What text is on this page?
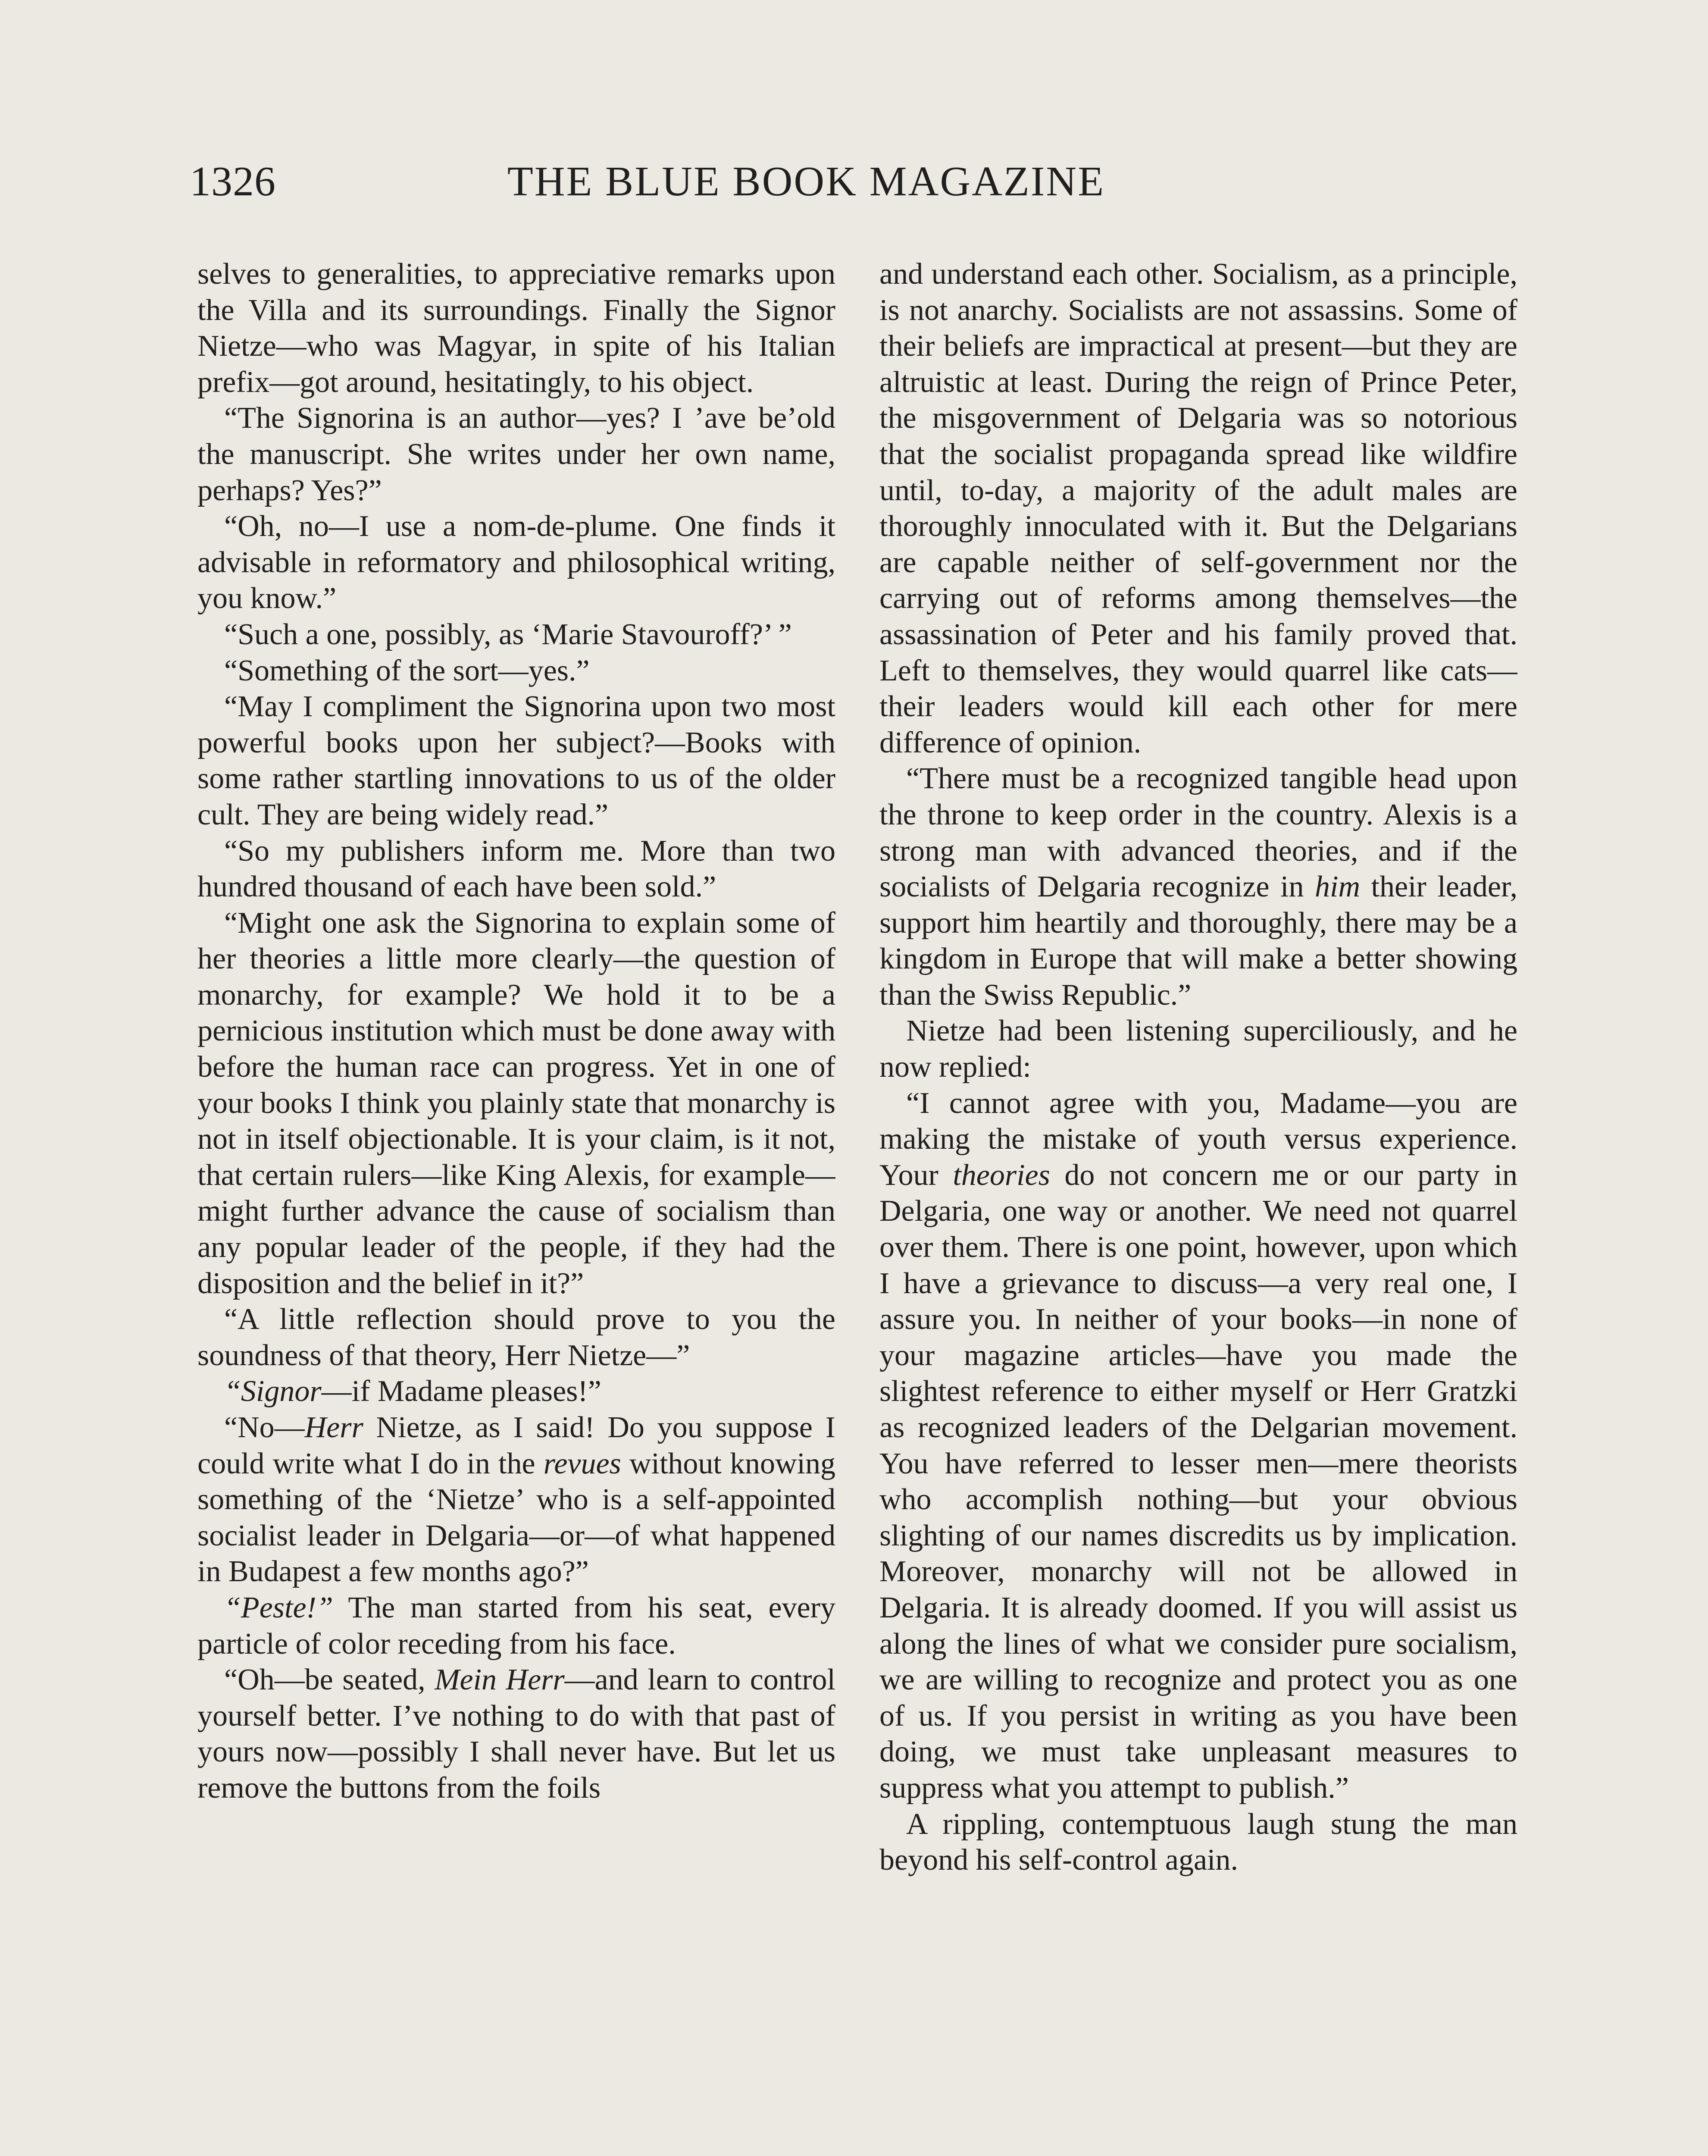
1326	THE BLUE BOOK MAGAZINE

selves to generalities, to appreciative remarks upon the Villa and its surroundings. Finally the Signor Nietze—who was Magyar, in spite of his Italian prefix—got around, hesitatingly, to his object.

“The Signorina is an author—yes? I ’ave be’old the manuscript. She writes under her own name, perhaps? Yes?”

“Oh, no—I use a nom-de-plume. One finds it advisable in reformatory and philosophical writing, you know.”

“Such a one, possibly, as ‘Marie Stavouroff?’ ”

“Something of the sort—yes.”

“May I compliment the Signorina upon two most powerful books upon her subject?—Books with some rather startling innovations to us of the older cult. They are being widely read.”

“So my publishers inform me. More than two hundred thousand of each have been sold.”

“Might one ask the Signorina to explain some of her theories a little more clearly—the question of monarchy, for example? We hold it to be a pernicious institution which must be done away with before the human race can progress. Yet in one of your books I think you plainly state that monarchy is not in itself objectionable. It is your claim, is it not, that certain rulers—like King Alexis, for example—might further advance the cause of socialism than any popular leader of the people, if they had the disposition and the belief in it?”

“A little reflection should prove to you the soundness of that theory, Herr Nietze—”

“Signor—if Madame pleases!”

“No—Herr Nietze, as I said! Do you suppose I could write what I do in the revues without knowing something of the ‘Nietze’ who is a self-appointed socialist leader in Delgaria—or—of what happened in Budapest a few months ago?”

“Peste!” The man started from his seat, every particle of color receding from his face.

“Oh—be seated, Mein Herr—and learn to control yourself better. I’ve nothing to do with that past of yours now—possibly I shall never have. But let us remove the buttons from the foils

and understand each other. Socialism, as a principle, is not anarchy. Socialists are not assassins. Some of their beliefs are impractical at present—but they are altruistic at least. During the reign of Prince Peter, the misgovernment of Delgaria was so notorious that the socialist propaganda spread like wildfire until, to-day, a majority of the adult males are thoroughly innoculated with it. But the Delgarians are capable neither of self-government nor the carrying out of reforms among themselves—the assassination of Peter and his family proved that. Left to themselves, they would quarrel like cats—their leaders would kill each other for mere difference of opinion.

“There must be a recognized tangible head upon the throne to keep order in the country. Alexis is a strong man with advanced theories, and if the socialists of Delgaria recognize in him their leader, support him heartily and thoroughly, there may be a kingdom in Europe that will make a better showing than the Swiss Republic.”

Nietze had been listening superciliously, and he now replied:

“I cannot agree with you, Madame—you are making the mistake of youth versus experience. Your theories do not concern me or our party in Delgaria, one way or another. We need not quarrel over them. There is one point, however, upon which I have a grievance to discuss—a very real one, I assure you. In neither of your books—in none of your magazine articles—have you made the slightest reference to either myself or Herr Gratzki as recognized leaders of the Delgarian movement. You have referred to lesser men—mere theorists who accomplish nothing—but your obvious slighting of our names discredits us by implication. Moreover, monarchy will not be allowed in Delgaria. It is already doomed. If you will assist us along the lines of what we consider pure socialism, we are willing to recognize and protect you as one of us. If you persist in writing as you have been doing, we must take unpleasant measures to suppress what you attempt to publish.”

A rippling, contemptuous laugh stung the man beyond his self-control again.
